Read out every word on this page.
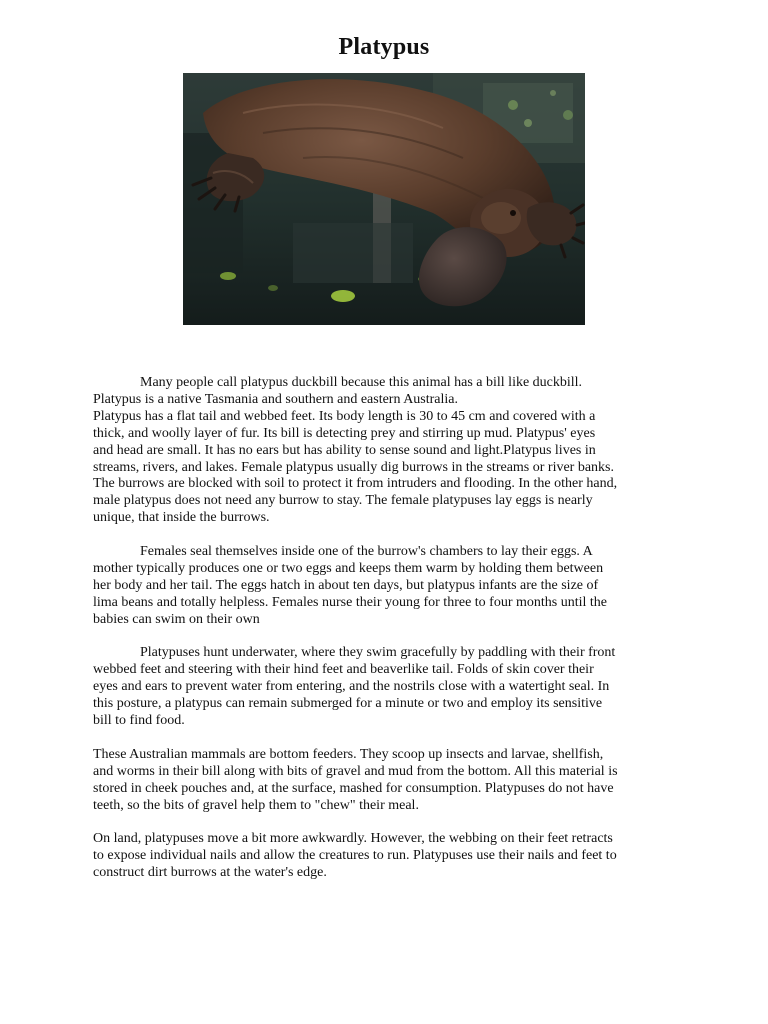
Platypus

Many people call platypus duckbill because this animal has a bill like duckbill.
Platypus is a native Tasmania and southern and eastern Australia.
Platypus has a flat tail and webbed feet. Its body length is 30 to 45 cm and covered with a
thick, and woolly layer of fur. Its bill is detecting prey and stirring up mud. Platypus' eyes
and head are small. It has no ears but has ability to sense sound and light.Platypus lives in
streams, rivers, and lakes. Female platypus usually dig burrows in the streams or river banks.
The burrows are blocked with soil to protect it from intruders and flooding. In the other hand,
male platypus does not need any burrow to stay. The female platypuses lay eggs is nearly
unique, that inside the burrows.

Females seal themselves inside one of the burrow's chambers to lay their eggs. A
mother typically produces one or two eggs and keeps them warm by holding them between
her body and her tail. The eggs hatch in about ten days, but platypus infants are the size of
lima beans and totally helpless. Females nurse their young for three to four months until the
babies can swim on their own

Platypuses hunt underwater, where they swim gracefully by paddling with their front
webbed feet and steering with their hind feet and beaverlike tail. Folds of skin cover their
eyes and ears to prevent water from entering, and the nostrils close with a watertight seal. In
this posture, a platypus can remain submerged for a minute or two and employ its sensitive
bill to find food.

These Australian mammals are bottom feeders. They scoop up insects and larvae, shellfish,
and worms in their bill along with bits of gravel and mud from the bottom. All this material is
stored in cheek pouches and, at the surface, mashed for consumption. Platypuses do not have
teeth, so the bits of gravel help them to "chew" their meal.

On land, platypuses move a bit more awkwardly. However, the webbing on their feet retracts
to expose individual nails and allow the creatures to run. Platypuses use their nails and feet to
construct dirt burrows at the water's edge.
